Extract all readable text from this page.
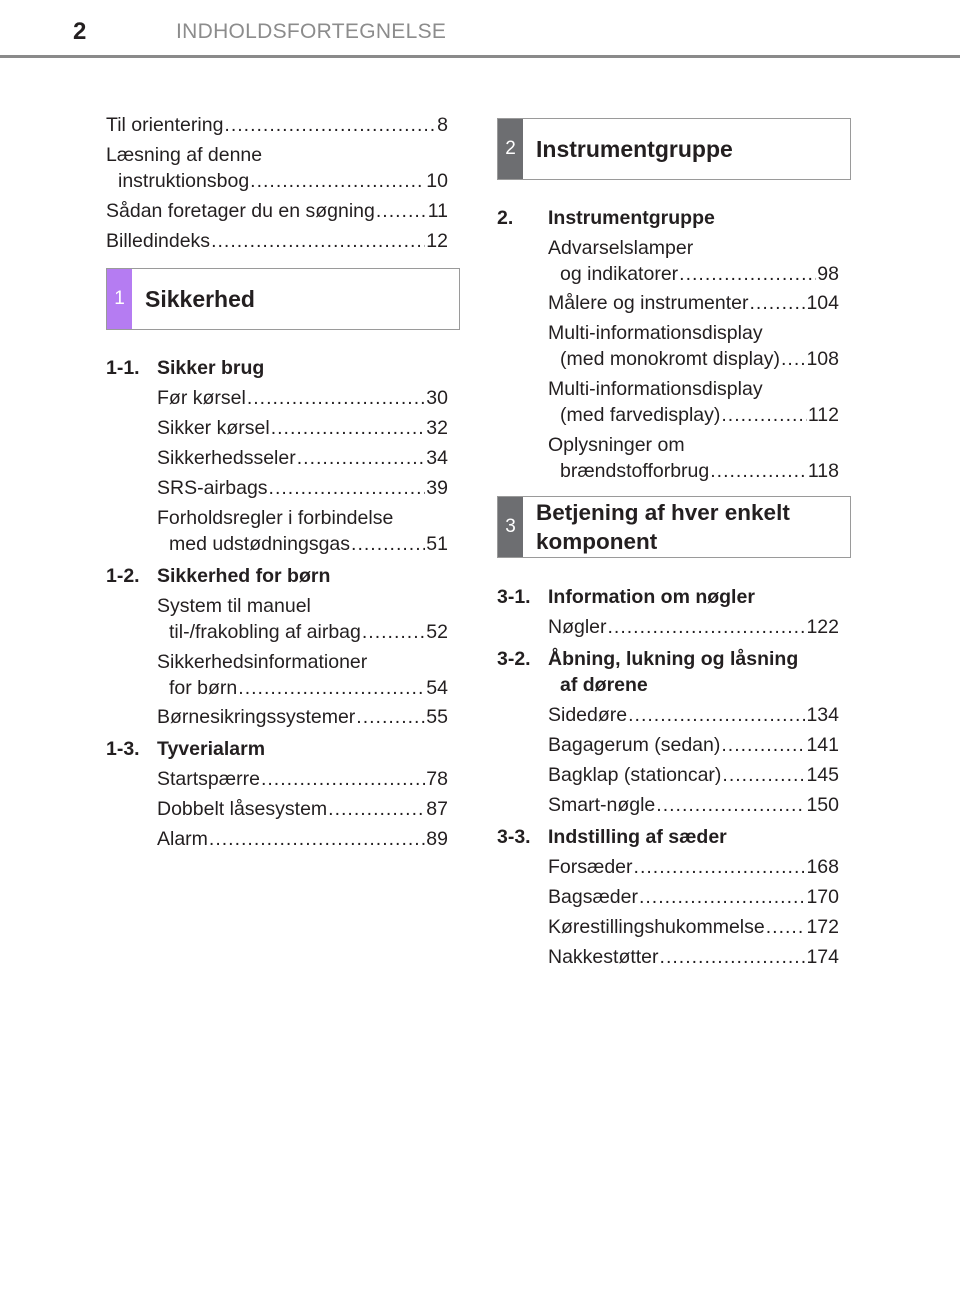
2	INDHOLDSFORTEGNELSE
Til orientering .....	8
Læsning af denne
instruktionsbog .....	10
Sådan foretager du en søgning .....	11
Billedindeks .....	12
1 Sikkerhed
1-1. Sikker brug
Før kørsel .....	30
Sikker kørsel .....	32
Sikkerhedsseler .....	34
SRS-airbags .....	39
Forholdsregler i forbindelse
med udstødningsgas .....	51
1-2. Sikkerhed for børn
System til manuel
til-/frakobling af airbag .....	52
Sikkerhedsinformationer
for børn .....	54
Børnesikringssystemer .....	55
1-3. Tyverialarm
Startspærre .....	78
Dobbelt låsesystem .....	87
Alarm .....	89
2 Instrumentgruppe
2. Instrumentgruppe
Advarselslamper
og indikatorer .....	98
Målere og instrumenter .....	104
Multi-informationsdisplay
(med monokromt display) ..... 108
Multi-informationsdisplay
(med farvedisplay) .....	112
Oplysninger om
brændstofforbrug .....	118
3
Betjening af hver enkelt
komponent
3-1. Information om nøgler
Nøgler .....	122
3-2. Åbning, lukning og låsning
af dørene
Sidedøre .....	134
Bagagerum (sedan) .....	141
Bagklap (stationcar) .....	145
Smart-nøgle .....	150
3-3. Indstilling af sæder
Forsæder .....	168
Bagsæder .....	170
Kørestillingshukommelse ..... 172
Nakkestøtter .....	174
